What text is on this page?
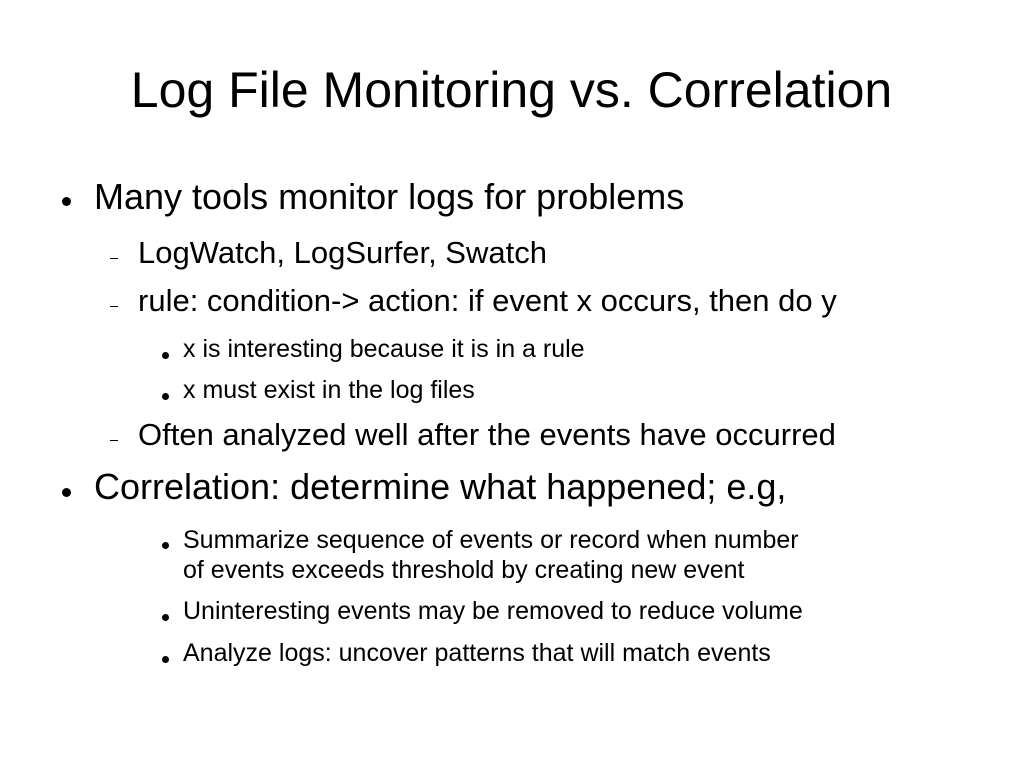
Log File Monitoring vs. Correlation
Many tools monitor logs for problems
LogWatch, LogSurfer, Swatch
rule: condition-> action: if event x occurs, then do y
x is interesting because it is in a rule
x must exist in the log files
Often analyzed well after the events have occurred
Correlation: determine what happened; e.g,
Summarize sequence of events or record when number
of events exceeds threshold by creating new event
Uninteresting events may be removed to reduce volume
Analyze logs: uncover patterns that will match events
